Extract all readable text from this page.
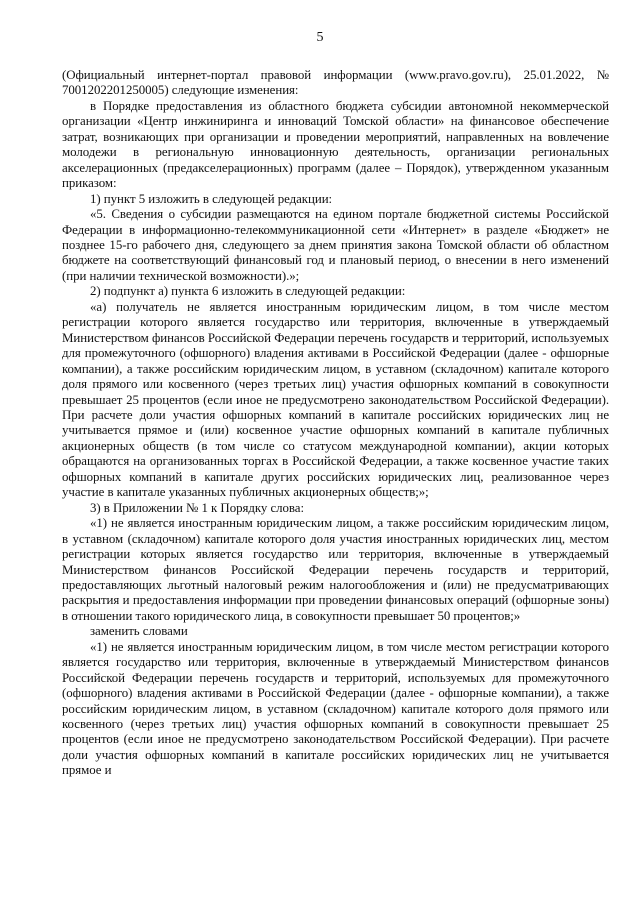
5

(Официальный интернет-портал правовой информации (www.pravo.gov.ru), 25.01.2022, № 7001202201250005) следующие изменения:

в Порядке предоставления из областного бюджета субсидии автономной некоммерческой организации «Центр инжиниринга и инноваций Томской области» на финансовое обеспечение затрат, возникающих при организации и проведении мероприятий, направленных на вовлечение молодежи в региональную инновационную деятельность, организации региональных акселерационных (предакселерационных) программ (далее – Порядок), утвержденном указанным приказом:

1) пункт 5 изложить в следующей редакции:

«5. Сведения о субсидии размещаются на едином портале бюджетной системы Российской Федерации в информационно-телекоммуникационной сети «Интернет» в разделе «Бюджет» не позднее 15-го рабочего дня, следующего за днем принятия закона Томской области об областном бюджете на соответствующий финансовый год и плановый период, о внесении в него изменений (при наличии технической возможности).»;

2) подпункт а) пункта 6 изложить в следующей редакции:

«а) получатель не является иностранным юридическим лицом, в том числе местом регистрации которого является государство или территория, включенные в утверждаемый Министерством финансов Российской Федерации перечень государств и территорий, используемых для промежуточного (офшорного) владения активами в Российской Федерации (далее - офшорные компании), а также российским юридическим лицом, в уставном (складочном) капитале которого доля прямого или косвенного (через третьих лиц) участия офшорных компаний в совокупности превышает 25 процентов (если иное не предусмотрено законодательством Российской Федерации). При расчете доли участия офшорных компаний в капитале российских юридических лиц не учитывается прямое и (или) косвенное участие офшорных компаний в капитале публичных акционерных обществ (в том числе со статусом международной компании), акции которых обращаются на организованных торгах в Российской Федерации, а также косвенное участие таких офшорных компаний в капитале других российских юридических лиц, реализованное через участие в капитале указанных публичных акционерных обществ;»;

3) в Приложении № 1 к Порядку слова:

«1) не является иностранным юридическим лицом, а также российским юридическим лицом, в уставном (складочном) капитале которого доля участия иностранных юридических лиц, местом регистрации которых является государство или территория, включенные в утверждаемый Министерством финансов Российской Федерации перечень государств и территорий, предоставляющих льготный налоговый режим налогообложения и (или) не предусматривающих раскрытия и предоставления информации при проведении финансовых операций (офшорные зоны) в отношении такого юридического лица, в совокупности превышает 50 процентов;»

заменить словами

«1) не является иностранным юридическим лицом, в том числе местом регистрации которого является государство или территория, включенные в утверждаемый Министерством финансов Российской Федерации перечень государств и территорий, используемых для промежуточного (офшорного) владения активами в Российской Федерации (далее - офшорные компании), а также российским юридическим лицом, в уставном (складочном) капитале которого доля прямого или косвенного (через третьих лиц) участия офшорных компаний в совокупности превышает 25 процентов (если иное не предусмотрено законодательством Российской Федерации). При расчете доли участия офшорных компаний в капитале российских юридических лиц не учитывается прямое и
